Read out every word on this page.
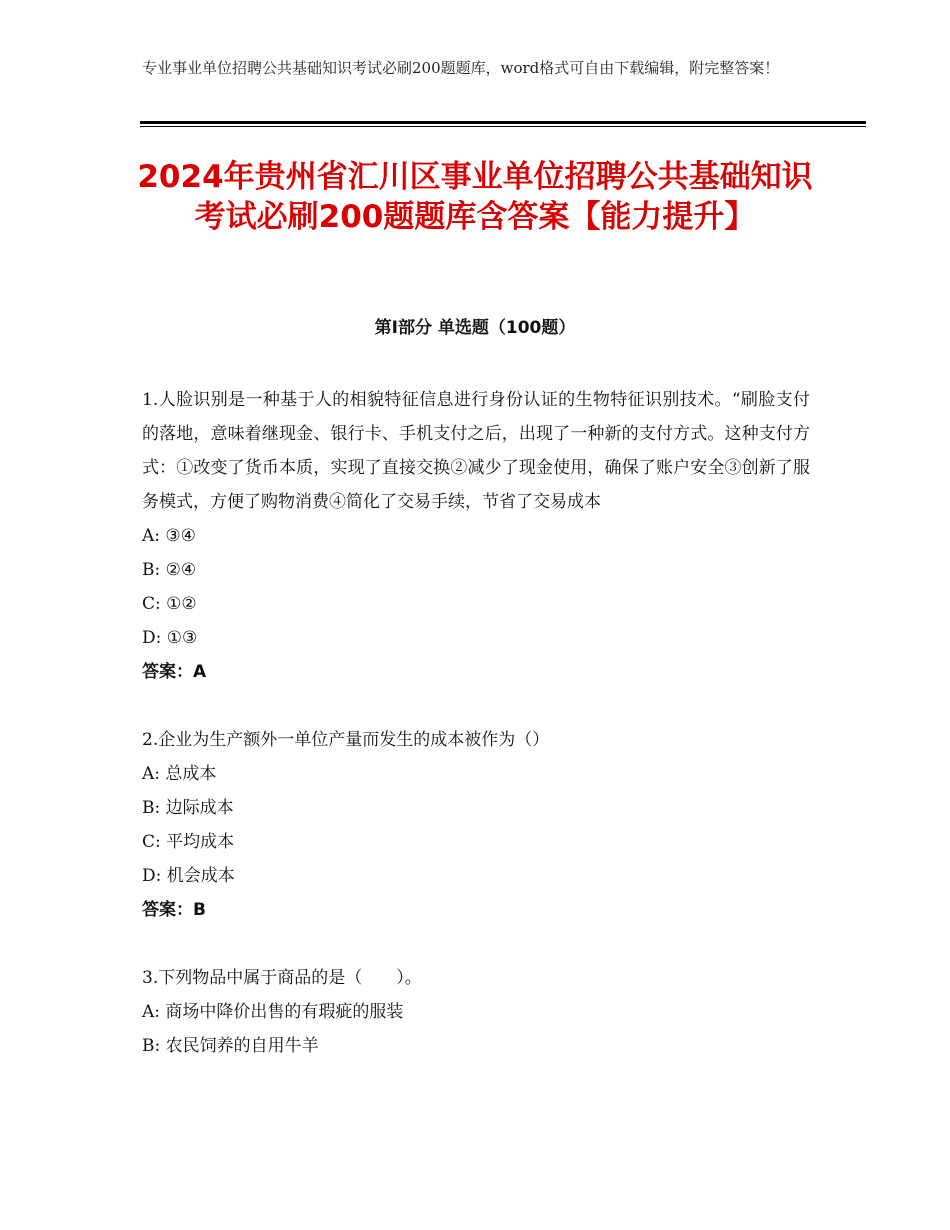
专业事业单位招聘公共基础知识考试必刷200题题库，word格式可自由下载编辑，附完整答案！
2024年贵州省汇川区事业单位招聘公共基础知识考试必刷200题题库含答案【能力提升】
第Ⅰ部分 单选题（100题）

1.人脸识别是一种基于人的相貌特征信息进行身份认证的生物特征识别技术。“刷脸支付的落地，意味着继现金、银行卡、手机支付之后，出现了一种新的支付方式。这种支付方式：①改变了货币本质，实现了直接交换②减少了现金使用，确保了账户安全③创新了服务模式，方便了购物消费④简化了交易手续，节省了交易成本

A: ③④

B: ②④

C: ①②

D: ①③

答案：A

2.企业为生产额外一单位产量而发生的成本被作为（）

A: 总成本

B: 边际成本

C: 平均成本

D: 机会成本

答案：B

3.下列物品中属于商品的是（　　）。

A: 商场中降价出售的有瑕疵的服装

B: 农民饲养的自用牛羊
